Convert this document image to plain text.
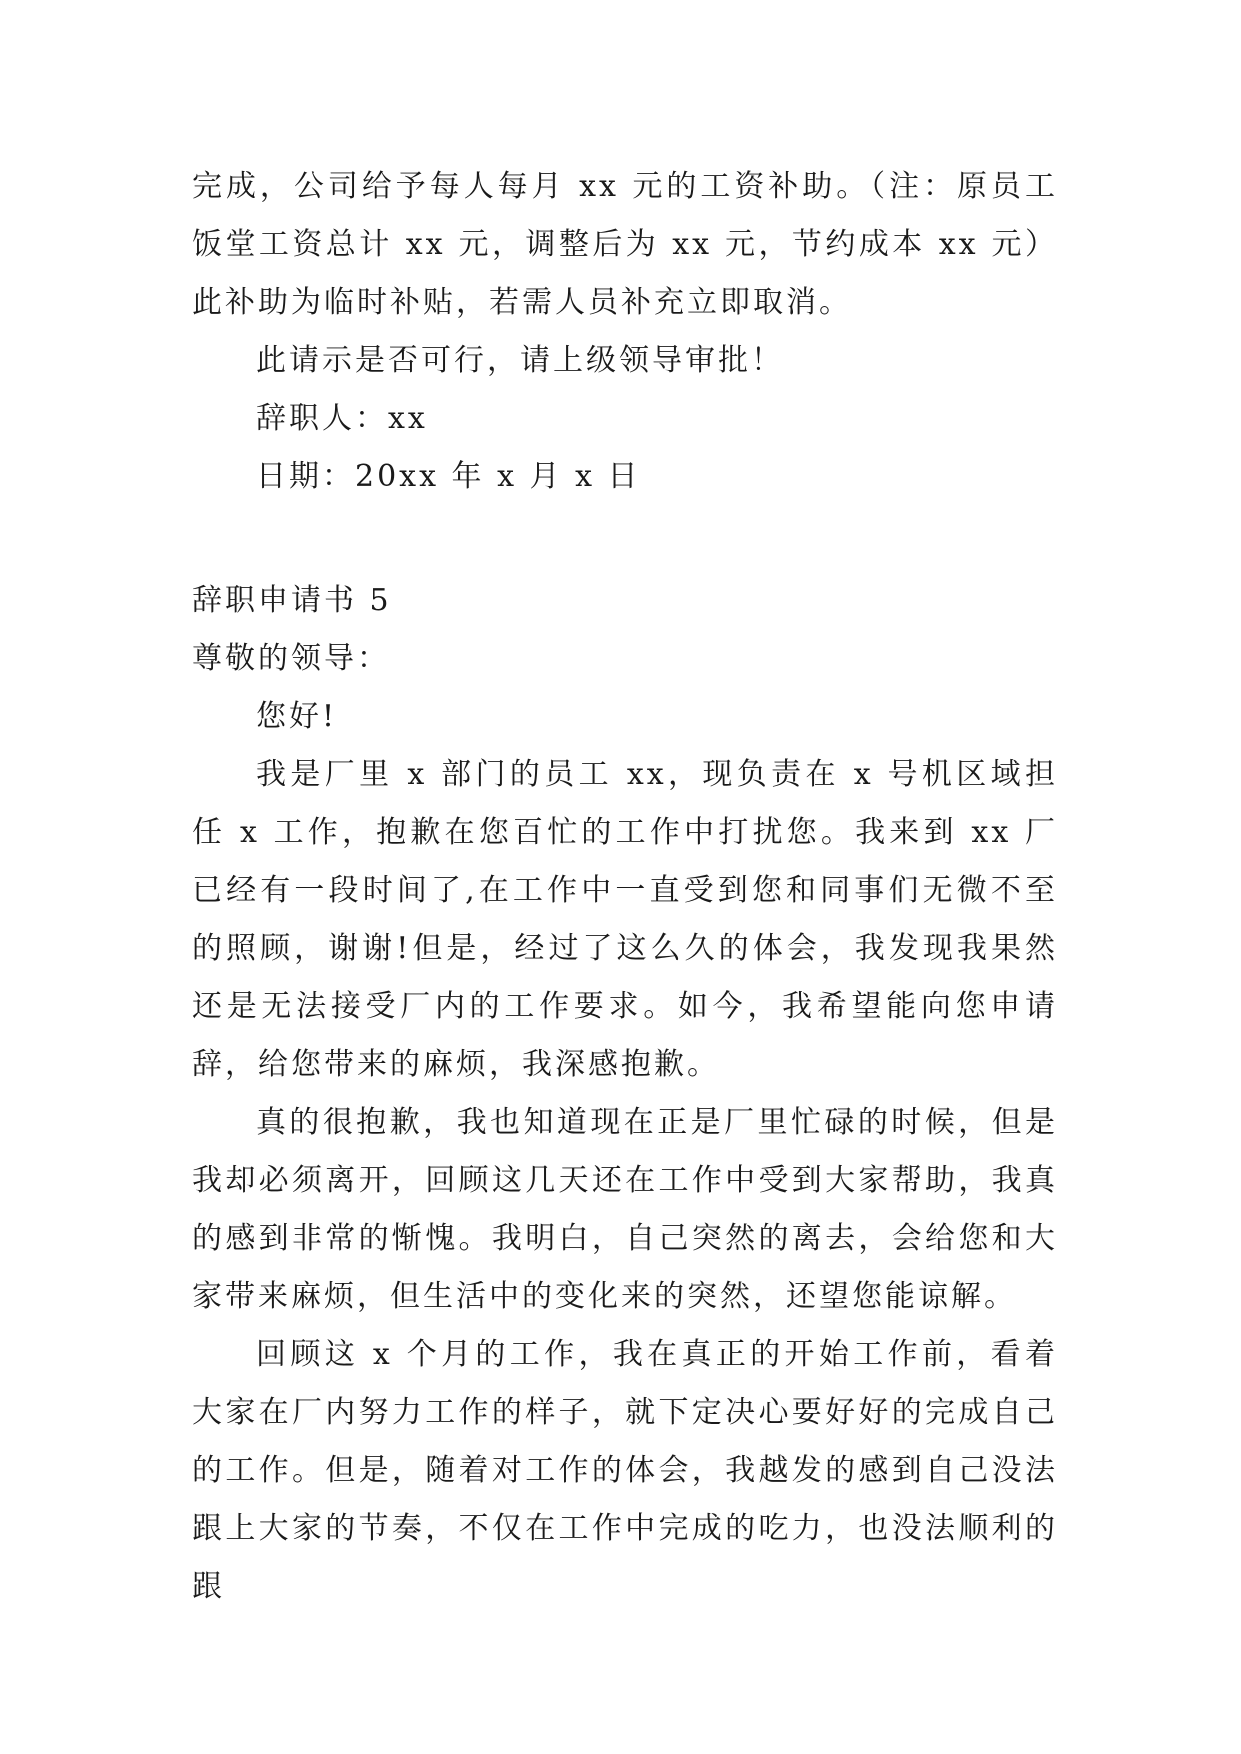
完成，公司给予每人每月 xx 元的工资补助。（注：原员工饭堂工资总计 xx 元，调整后为 xx 元，节约成本 xx 元）此补助为临时补贴，若需人员补充立即取消。

此请示是否可行，请上级领导审批！

辞职人：xx

日期：20xx 年 x 月 x 日

辞职申请书 5

尊敬的领导：

您好!

我是厂里 x 部门的员工 xx，现负责在 x 号机区域担任 x 工作，抱歉在您百忙的工作中打扰您。我来到 xx 厂已经有一段时间了,在工作中一直受到您和同事们无微不至的照顾，谢谢!但是，经过了这么久的体会，我发现我果然还是无法接受厂内的工作要求。如今，我希望能向您申请辞，给您带来的麻烦，我深感抱歉。

真的很抱歉，我也知道现在正是厂里忙碌的时候，但是我却必须离开，回顾这几天还在工作中受到大家帮助，我真的感到非常的惭愧。我明白，自己突然的离去，会给您和大家带来麻烦，但生活中的变化来的突然，还望您能谅解。

回顾这 x 个月的工作，我在真正的开始工作前，看着大家在厂内努力工作的样子，就下定决心要好好的完成自己的工作。但是，随着对工作的体会，我越发的感到自己没法跟上大家的节奏，不仅在工作中完成的吃力，也没法顺利的跟
